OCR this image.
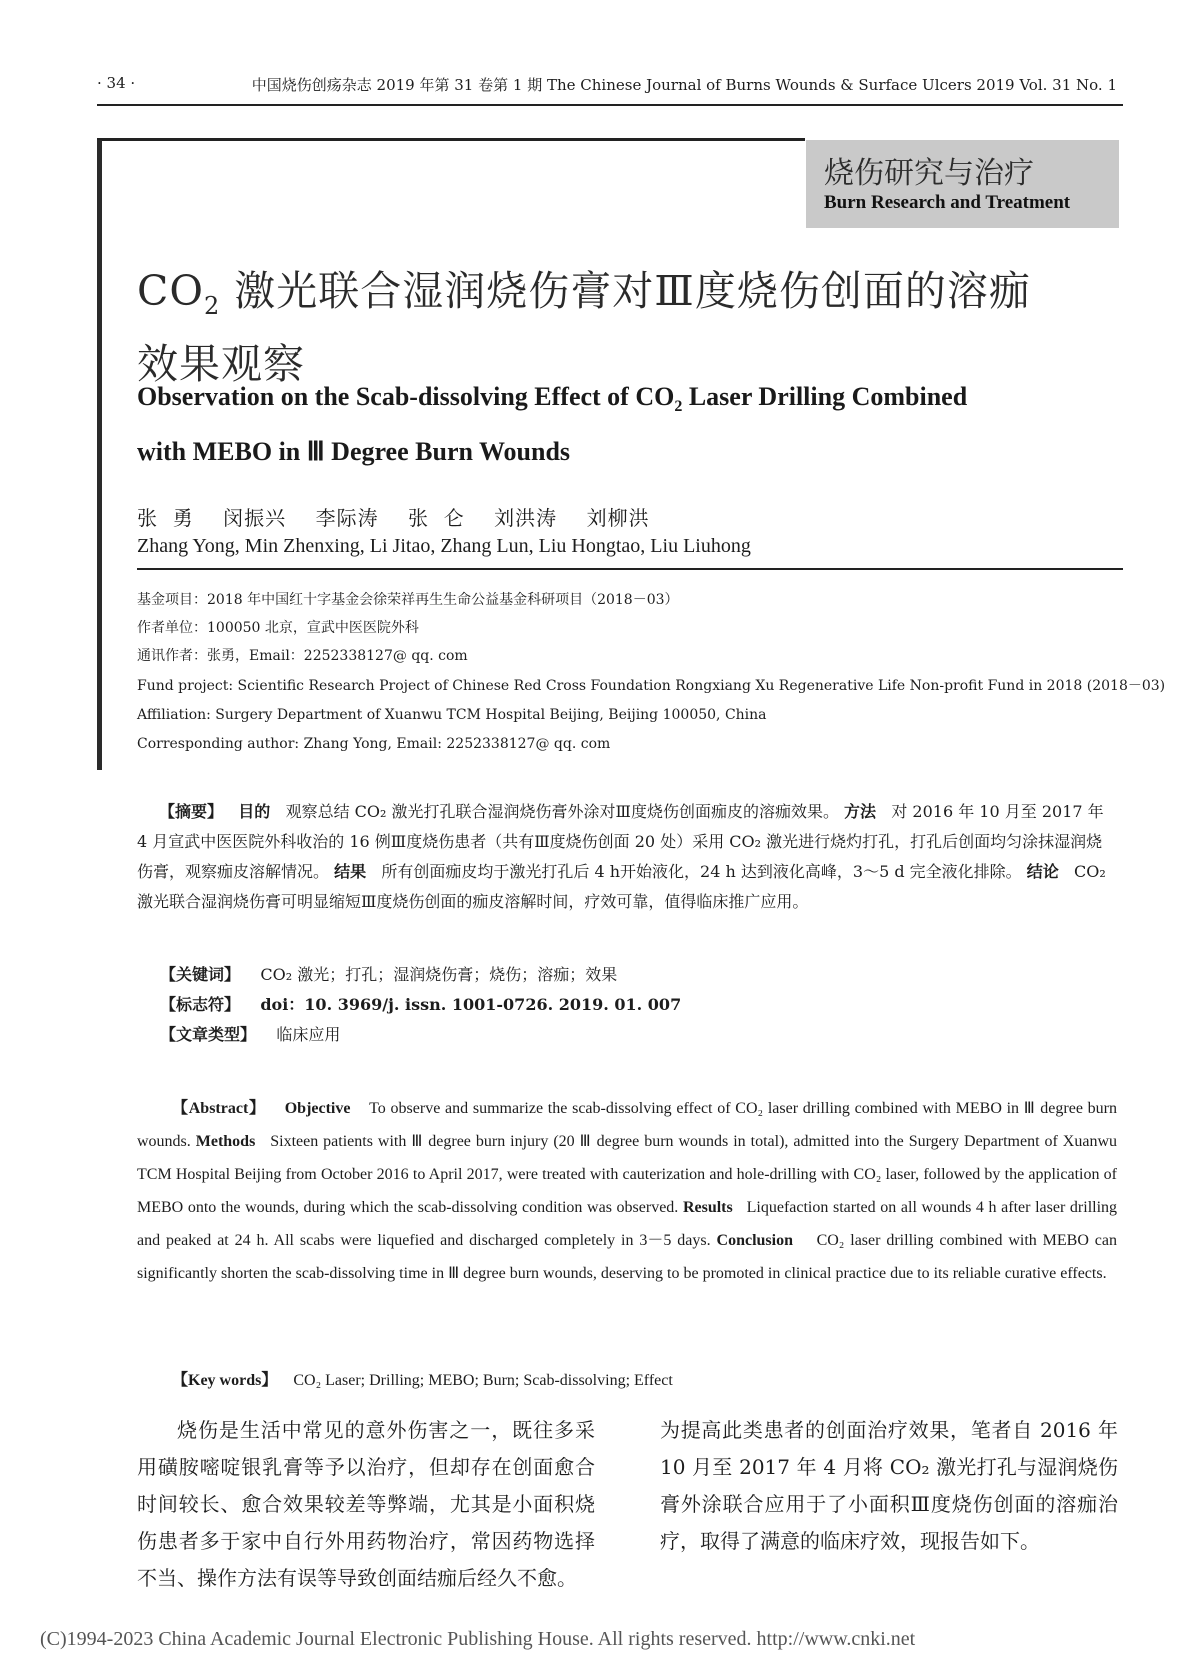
· 34 ·	中国烧伤创疡杂志 2019 年第 31 卷第 1 期 The Chinese Journal of Burns Wounds & Surface Ulcers 2019 Vol. 31 No. 1
烧伤研究与治疗
Burn Research and Treatment
$CO_2$ 激光联合湿润烧伤膏对Ⅲ度烧伤创面的溶痂
效果观察
Observation on the Scab-dissolving Effect of $CO_2$ Laser Drilling Combined
with MEBO in Ⅲ Degree Burn Wounds
张  勇    闵振兴    李际涛    张  仑    刘洪涛    刘柳洪
Zhang Yong, Min Zhenxing, Li Jitao, Zhang Lun, Liu Hongtao, Liu Liuhong
基金项目：2018 年中国红十字基金会徐荣祥再生生命公益基金科研项目（2018－03）
作者单位：100050 北京，宣武中医医院外科
通讯作者：张勇，Email：2252338127@ qq. com
Fund project: Scientific Research Project of Chinese Red Cross Foundation Rongxiang Xu Regenerative Life Non-profit Fund in 2018 (2018－03)
Affiliation: Surgery Department of Xuanwu TCM Hospital Beijing, Beijing 100050, China
Corresponding author: Zhang Yong, Email: 2252338127@ qq. com
【摘要】 目的 观察总结 CO₂ 激光打孔联合湿润烧伤膏外涂对Ⅲ度烧伤创面痂皮的溶痂效果。 方法 对 2016 年 10 月至 2017 年 4 月宣武中医医院外科收治的 16 例Ⅲ度烧伤患者（共有Ⅲ度烧伤创面 20 处）采用 CO₂ 激光进行烧灼打孔，打孔后创面均匀涂抹湿润烧伤膏，观察痂皮溶解情况。 结果 所有创面痂皮均于激光打孔后 4 h开始液化，24 h 达到液化高峰，3～5 d 完全液化排除。 结论 CO₂ 激光联合湿润烧伤膏可明显缩短Ⅲ度烧伤创面的痂皮溶解时间，疗效可靠，值得临床推广应用。
【关键词】 CO₂ 激光；打孔；湿润烧伤膏；烧伤；溶痂；效果
【标志符】 doi：10. 3969/j. issn. 1001-0726. 2019. 01. 007
【文章类型】 临床应用
【Abstract】 Objective To observe and summarize the scab-dissolving effect of CO₂ laser drilling combined with MEBO in Ⅲ degree burn wounds. Methods Sixteen patients with Ⅲ degree burn injury (20 Ⅲ degree burn wounds in total), admitted into the Surgery Department of Xuanwu TCM Hospital Beijing from October 2016 to April 2017, were treated with cauterization and hole-drilling with CO₂ laser, followed by the application of MEBO onto the wounds, during which the scab-dissolving condition was observed. Results Liquefaction started on all wounds 4 h after laser drilling and peaked at 24 h. All scabs were liquefied and discharged completely in 3－5 days. Conclusion CO₂ laser drilling combined with MEBO can significantly shorten the scab-dissolving time in Ⅲ degree burn wounds, deserving to be promoted in clinical practice due to its reliable curative effects.
【Key words】 CO₂ Laser; Drilling; MEBO; Burn; Scab-dissolving; Effect
烧伤是生活中常见的意外伤害之一，既往多采用磺胺嘧啶银乳膏等予以治疗，但却存在创面愈合时间较长、愈合效果较差等弊端，尤其是小面积烧伤患者多于家中自行外用药物治疗，常因药物选择不当、操作方法有误等导致创面结痂后经久不愈。
为提高此类患者的创面治疗效果，笔者自 2016 年 10 月至 2017 年 4 月将 CO₂ 激光打孔与湿润烧伤膏外涂联合应用于了小面积Ⅲ度烧伤创面的溶痂治疗，取得了满意的临床疗效，现报告如下。
(C)1994-2023 China Academic Journal Electronic Publishing House. All rights reserved. http://www.cnki.net
